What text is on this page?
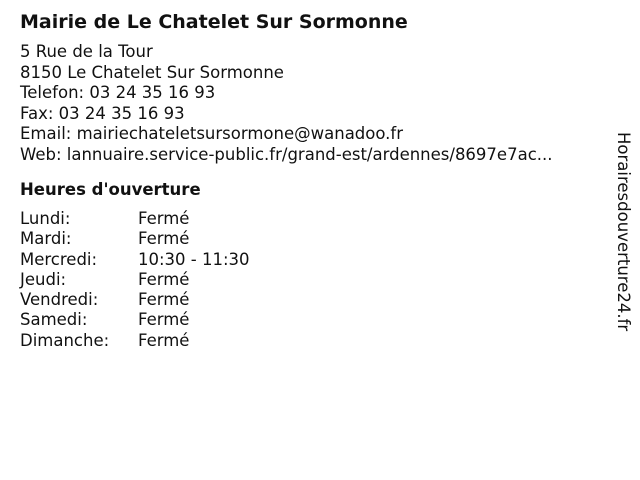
Mairie de Le Chatelet Sur Sormonne
5 Rue de la Tour
8150 Le Chatelet Sur Sormonne
Telefon: 03 24 35 16 93
Fax: 03 24 35 16 93
Email: mairiechateletsursormone@wanadoo.fr
Web: lannuaire.service-public.fr/grand-est/ardennes/8697e7ac...
Heures d'ouverture
Lundi:	Fermé
Mardi:	Fermé
Mercredi:	10:30 - 11:30
Jeudi:	Fermé
Vendredi:	Fermé
Samedi:	Fermé
Dimanche:	Fermé
Horairesdouverture24.fr
